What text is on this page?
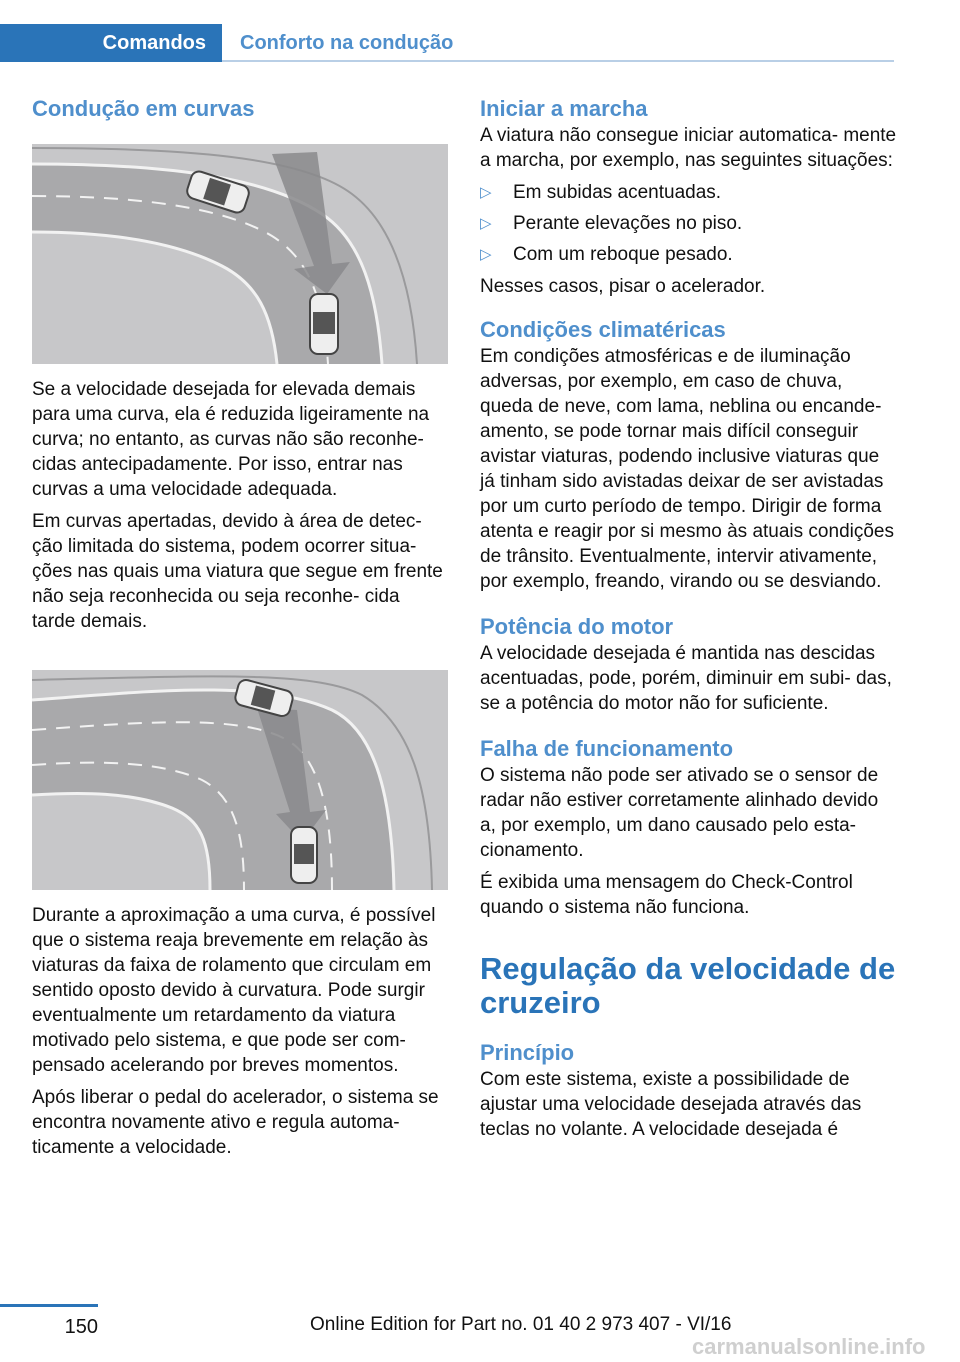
Comandos	Conforto na condução
Condução em curvas

Se a velocidade desejada for elevada demais para uma curva, ela é reduzida ligeiramente na curva; no entanto, as curvas não são reconhe‐ cidas antecipadamente. Por isso, entrar nas curvas a uma velocidade adequada.

Em curvas apertadas, devido à área de detec‐ ção limitada do sistema, podem ocorrer situa‐ ções nas quais uma viatura que segue em frente não seja reconhecida ou seja reconhe‐ cida tarde demais.

Durante a aproximação a uma curva, é possível que o sistema reaja brevemente em relação às viaturas da faixa de rolamento que circulam em sentido oposto devido à curvatura. Pode surgir eventualmente um retardamento da viatura motivado pelo sistema, e que pode ser com‐ pensado acelerando por breves momentos.

Após liberar o pedal do acelerador, o sistema se encontra novamente ativo e regula automa‐ ticamente a velocidade.

Iniciar a marcha

A viatura não consegue iniciar automatica‐ mente a marcha, por exemplo, nas seguintes situações:

▷ Em subidas acentuadas.
▷ Perante elevações no piso.
▷ Com um reboque pesado.

Nesses casos, pisar o acelerador.

Condições climatéricas

Em condições atmosféricas e de iluminação adversas, por exemplo, em caso de chuva, queda de neve, com lama, neblina ou encande‐ amento, se pode tornar mais difícil conseguir avistar viaturas, podendo inclusive viaturas que já tinham sido avistadas deixar de ser avistadas por um curto período de tempo. Dirigir de forma atenta e reagir por si mesmo às atuais condições de trânsito. Eventualmente, intervir ativamente, por exemplo, freando, virando ou se desviando.

Potência do motor

A velocidade desejada é mantida nas descidas acentuadas, pode, porém, diminuir em subi‐ das, se a potência do motor não for suficiente.

Falha de funcionamento

O sistema não pode ser ativado se o sensor de radar não estiver corretamente alinhado devido a, por exemplo, um dano causado pelo esta‐ cionamento.

É exibida uma mensagem do Check-Control quando o sistema não funciona.

Regulação da velocidade de cruzeiro
Princípio

Com este sistema, existe a possibilidade de ajustar uma velocidade desejada através das teclas no volante. A velocidade desejada é

150	Online Edition for Part no. 01 40 2 973 407 - VI/16
carmanualsonline.info
